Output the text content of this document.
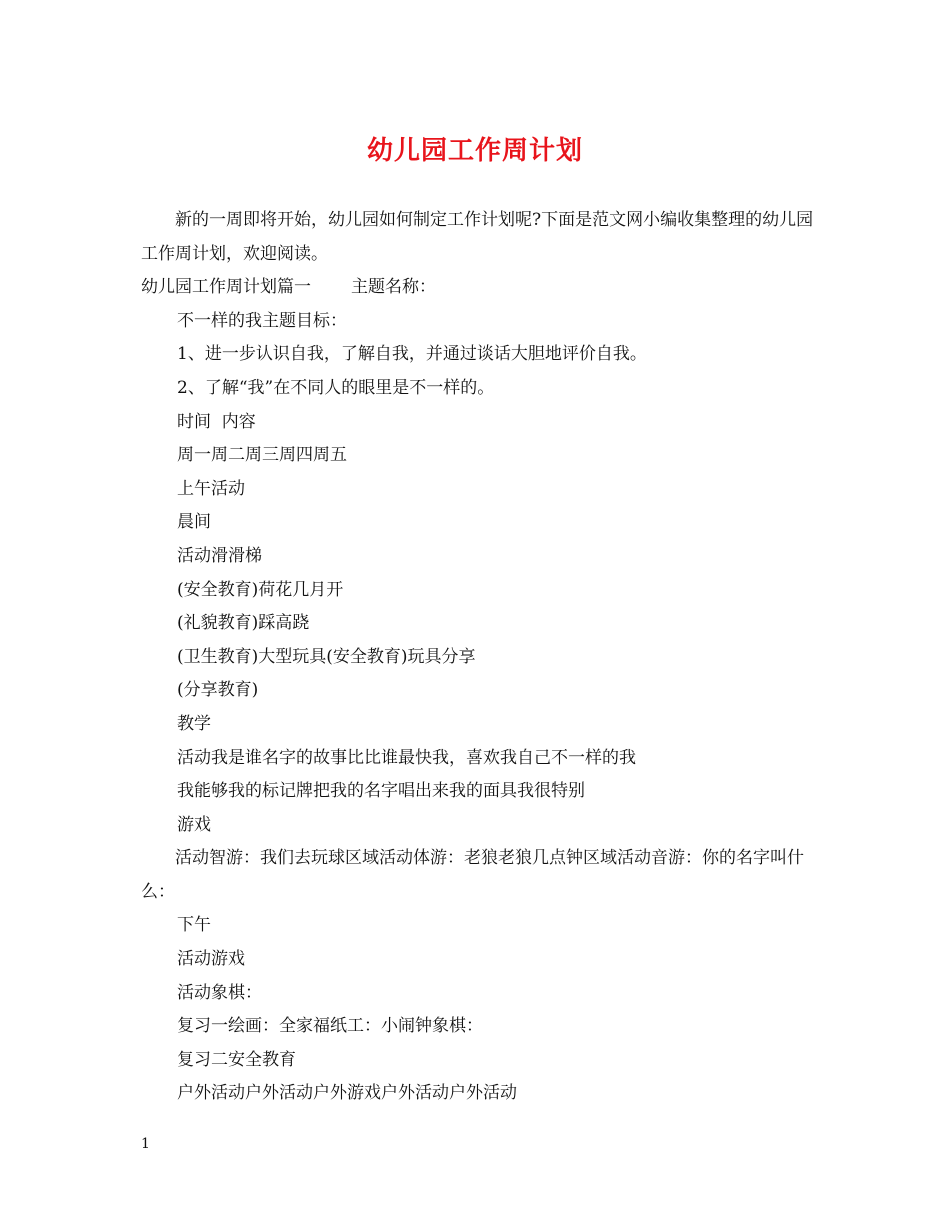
幼儿园工作周计划

新的一周即将开始，幼儿园如何制定工作计划呢?下面是范文网小编收集整理的幼儿园工作周计划，欢迎阅读。

幼儿园工作周计划篇一 主题名称：

不一样的我主题目标：

1、进一步认识自我，了解自我，并通过谈话大胆地评价自我。

2、了解“我”在不同人的眼里是不一样的。

时间  内容

周一周二周三周四周五

上午活动

晨间

活动滑滑梯

(安全教育)荷花几月开

(礼貌教育)踩高跷

(卫生教育)大型玩具(安全教育)玩具分享

(分享教育)

教学

活动我是谁名字的故事比比谁最快我，喜欢我自己不一样的我

我能够我的标记牌把我的名字唱出来我的面具我很特别

游戏

活动智游：我们去玩球区域活动体游：老狼老狼几点钟区域活动音游：你的名字叫什么：

下午

活动游戏

活动象棋：

复习一绘画：全家福纸工：小闹钟象棋：

复习二安全教育

户外活动户外活动户外游戏户外活动户外活动

1
